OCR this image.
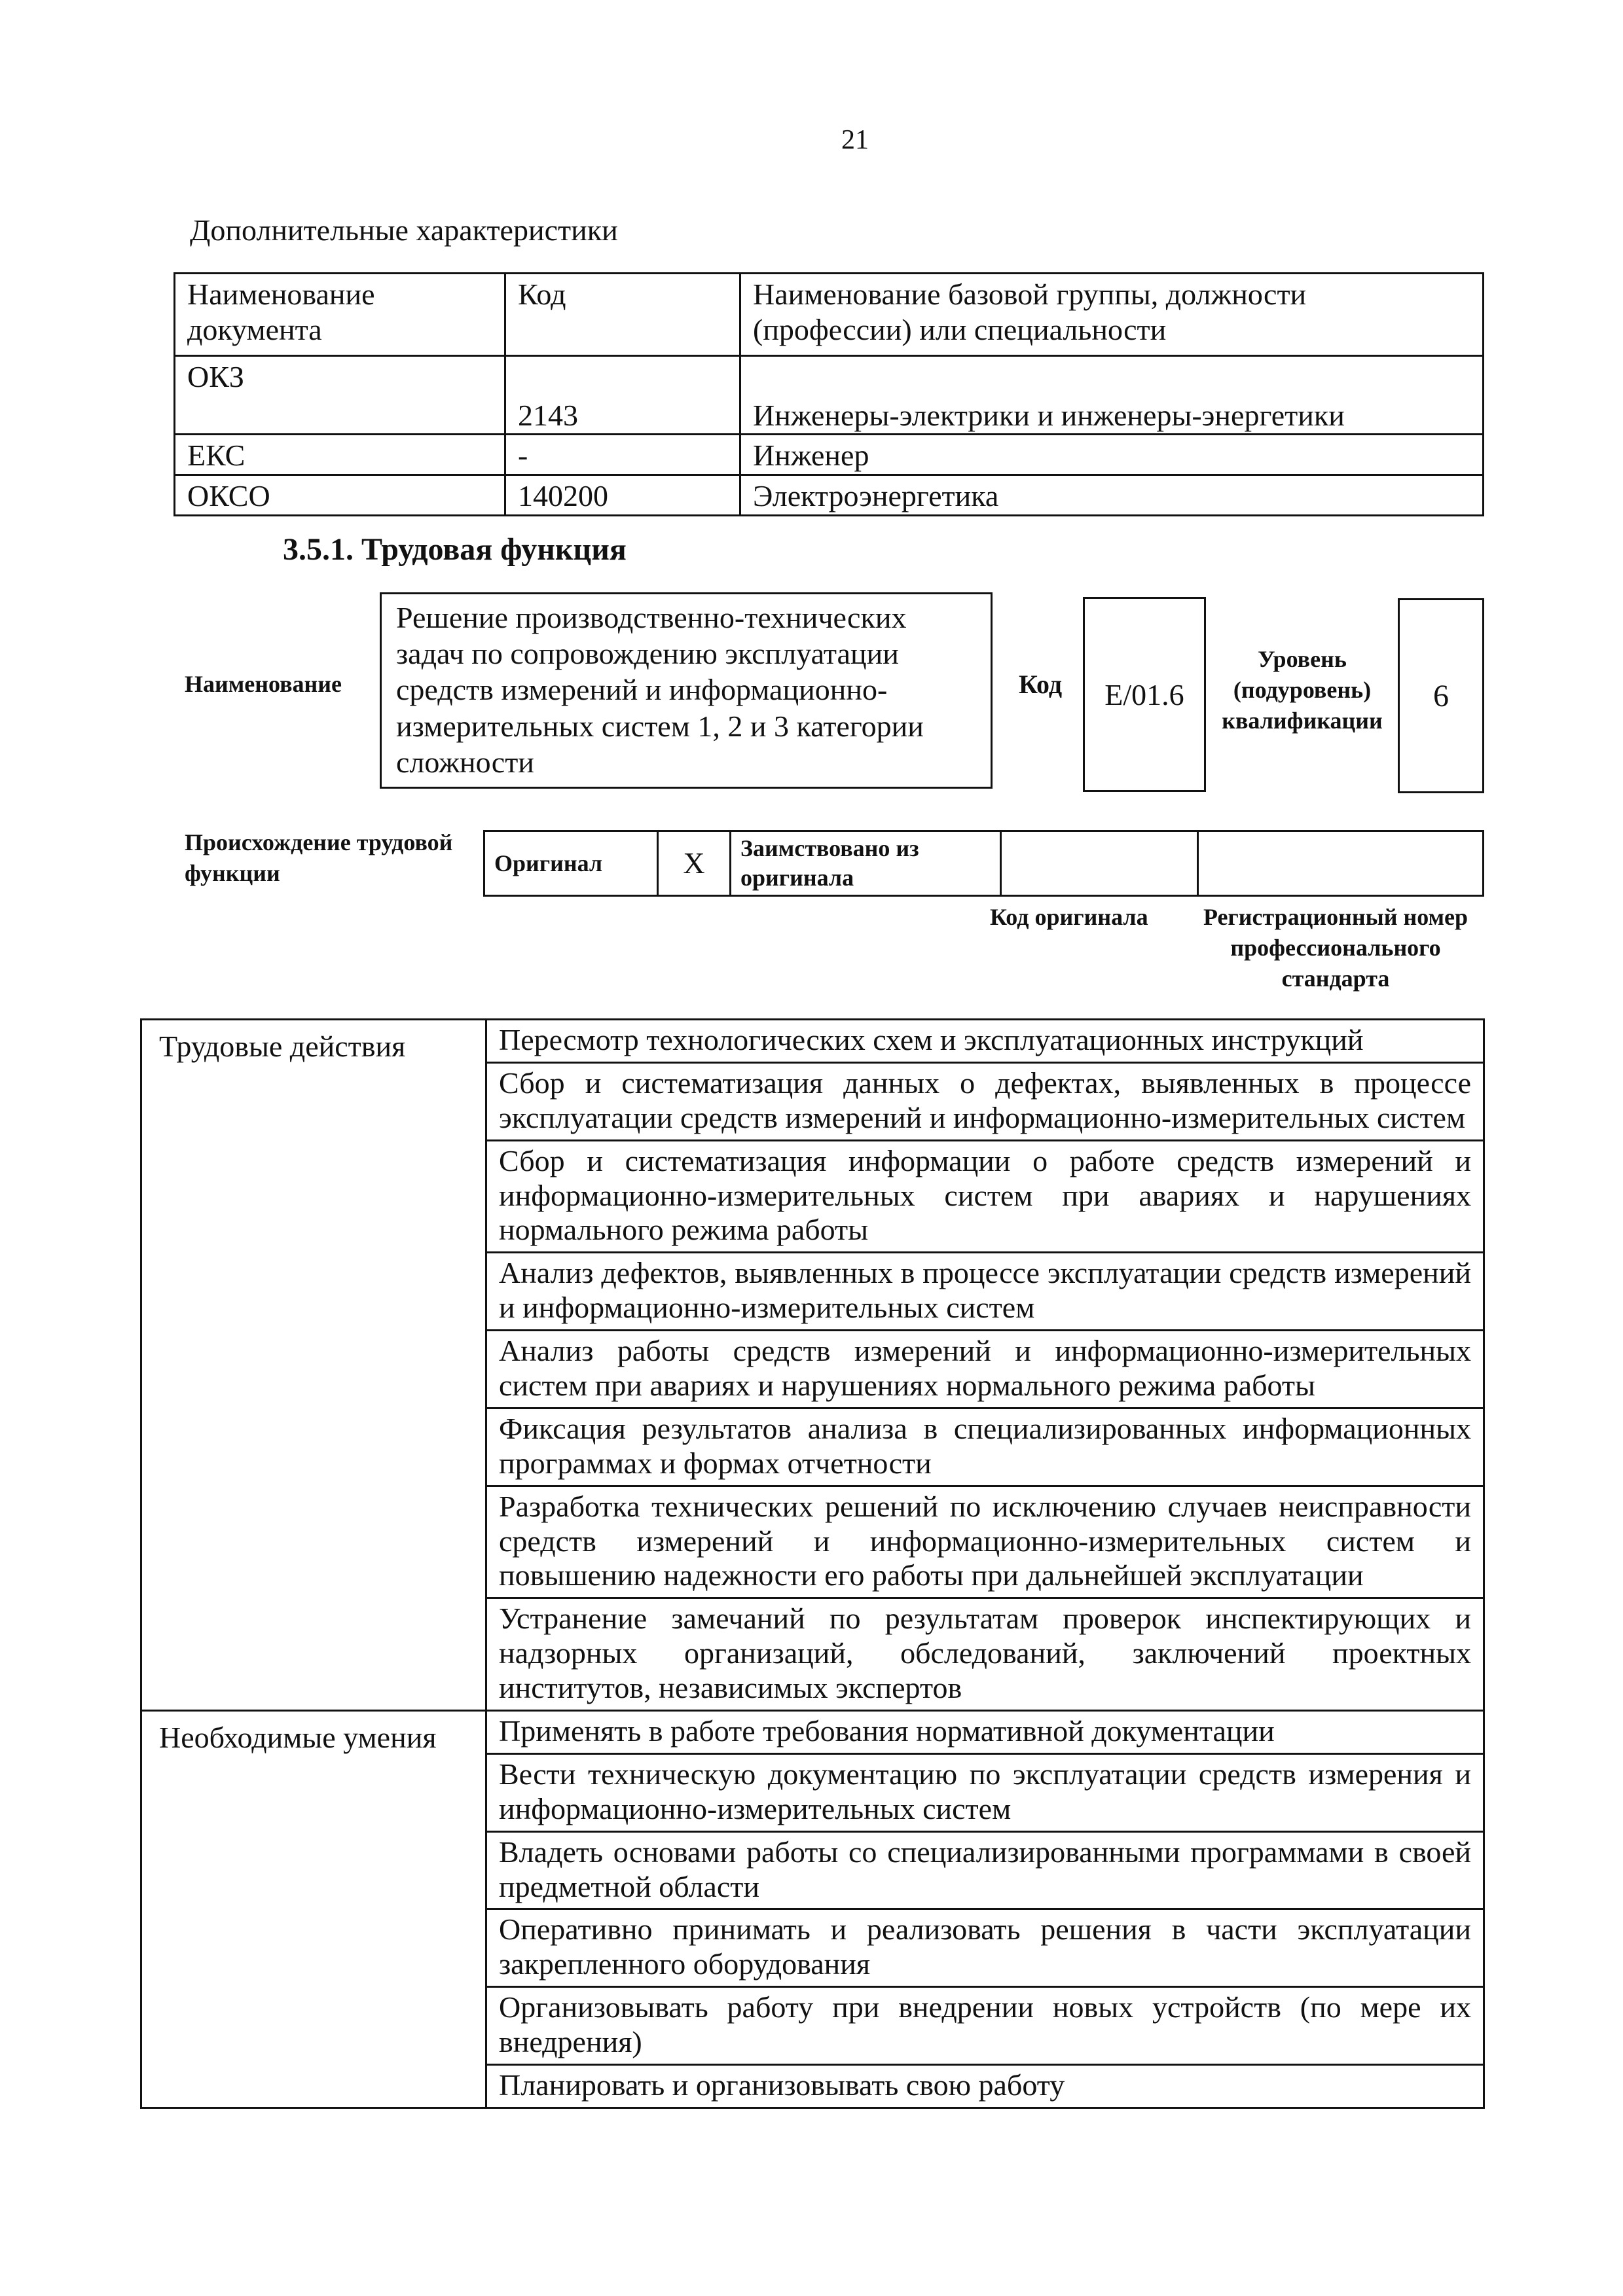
21
Дополнительные характеристики
Наименование документа	Код	Наименование базовой группы, должности (профессии) или специальности
ОКЗ	2143	Инженеры-электрики и инженеры-энергетики
ЕКС	-	Инженер
ОКСО	140200	Электроэнергетика
3.5.1. Трудовая функция
Наименование
Решение производственно-технических задач по сопровождению эксплуатации средств измерений и информационно-измерительных систем 1, 2 и 3 категории сложности
Код	E/01.6
Уровень (подуровень) квалификации
6
Происхождение трудовой функции	Оригинал	X	Заимствовано из оригинала		
Код оригинала	Регистрационный номер профессионального стандарта
Трудовые действия	Пересмотр технологических схем и эксплуатационных инструкций
	Сбор и систематизация данных о дефектах, выявленных в процессе эксплуатации средств измерений и информационно-измерительных систем
	Сбор и систематизация информации о работе средств измерений и информационно-измерительных систем при авариях и нарушениях нормального режима работы
	Анализ дефектов, выявленных в процессе эксплуатации средств измерений и информационно-измерительных систем
	Анализ работы средств измерений и информационно-измерительных систем при авариях и нарушениях нормального режима работы
	Фиксация результатов анализа в специализированных информационных программах и формах отчетности
	Разработка технических решений по исключению случаев неисправности средств измерений и информационно-измерительных систем и повышению надежности его работы при дальнейшей эксплуатации
	Устранение замечаний по результатам проверок инспектирующих и надзорных организаций, обследований, заключений проектных институтов, независимых экспертов
Необходимые умения	Применять в работе требования нормативной документации
	Вести техническую документацию по эксплуатации средств измерения и информационно-измерительных систем
	Владеть основами работы со специализированными программами в своей предметной области
	Оперативно принимать и реализовать решения в части эксплуатации закрепленного оборудования
	Организовывать работу при внедрении новых устройств (по мере их внедрения)
	Планировать и организовывать свою работу
